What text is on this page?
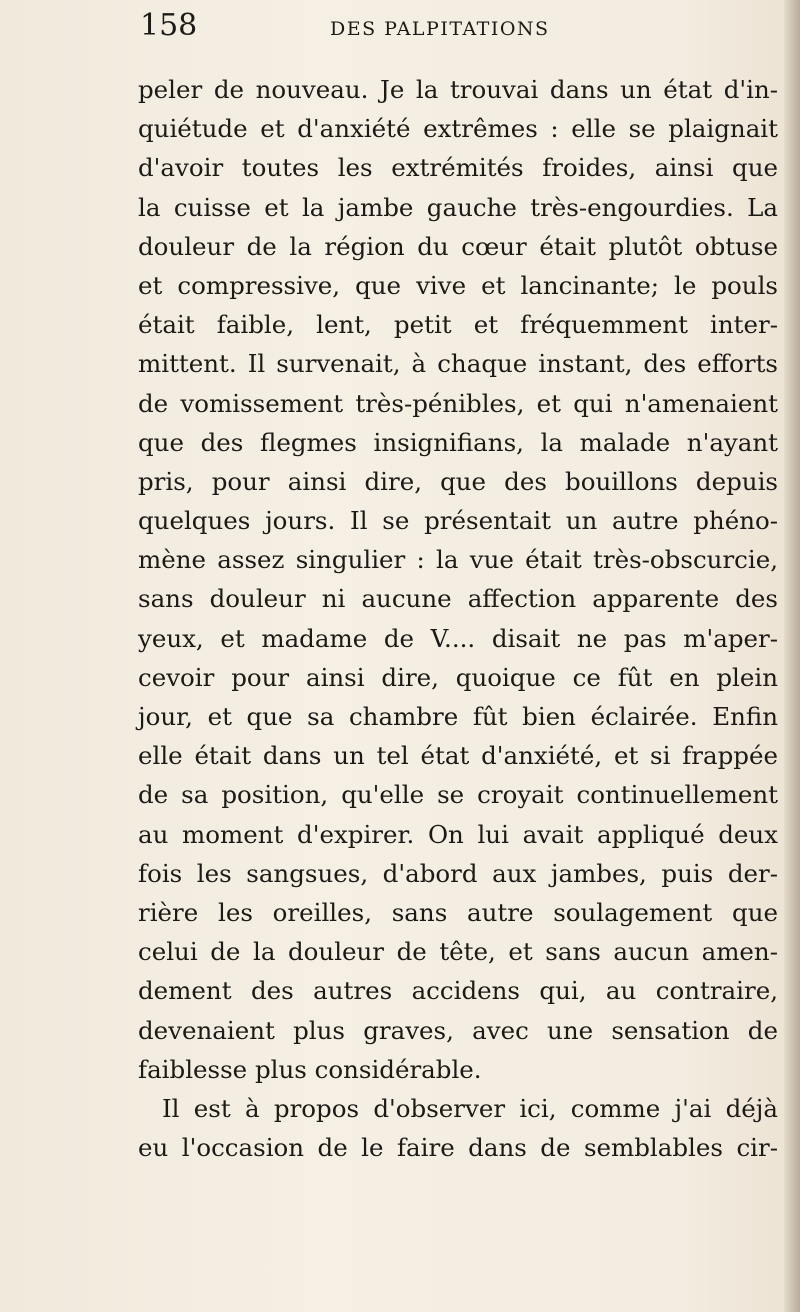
158	DES PALPITATIONS
peler de nouveau. Je la trouvai dans un état d'in-
quiétude et d'anxiété extrêmes : elle se plaignait
d'avoir toutes les extrémités froides, ainsi que
la cuisse et la jambe gauche très-engourdies. La
douleur de la région du cœur était plutôt obtuse
et compressive, que vive et lancinante; le pouls
était faible, lent, petit et fréquemment inter-
mittent. Il survenait, à chaque instant, des efforts
de vomissement très-pénibles, et qui n'amenaient
que des flegmes insignifians, la malade n'ayant
pris, pour ainsi dire, que des bouillons depuis
quelques jours. Il se présentait un autre phéno-
mène assez singulier : la vue était très-obscurcie,
sans douleur ni aucune affection apparente des
yeux, et madame de V.... disait ne pas m'aper-
cevoir pour ainsi dire, quoique ce fût en plein
jour, et que sa chambre fût bien éclairée. Enfin
elle était dans un tel état d'anxiété, et si frappée
de sa position, qu'elle se croyait continuellement
au moment d'expirer. On lui avait appliqué deux
fois les sangsues, d'abord aux jambes, puis der-
rière les oreilles, sans autre soulagement que
celui de la douleur de tête, et sans aucun amen-
dement des autres accidens qui, au contraire,
devenaient plus graves, avec une sensation de
faiblesse plus considérable.
Il est à propos d'observer ici, comme j'ai déjà
eu l'occasion de le faire dans de semblables cir-
